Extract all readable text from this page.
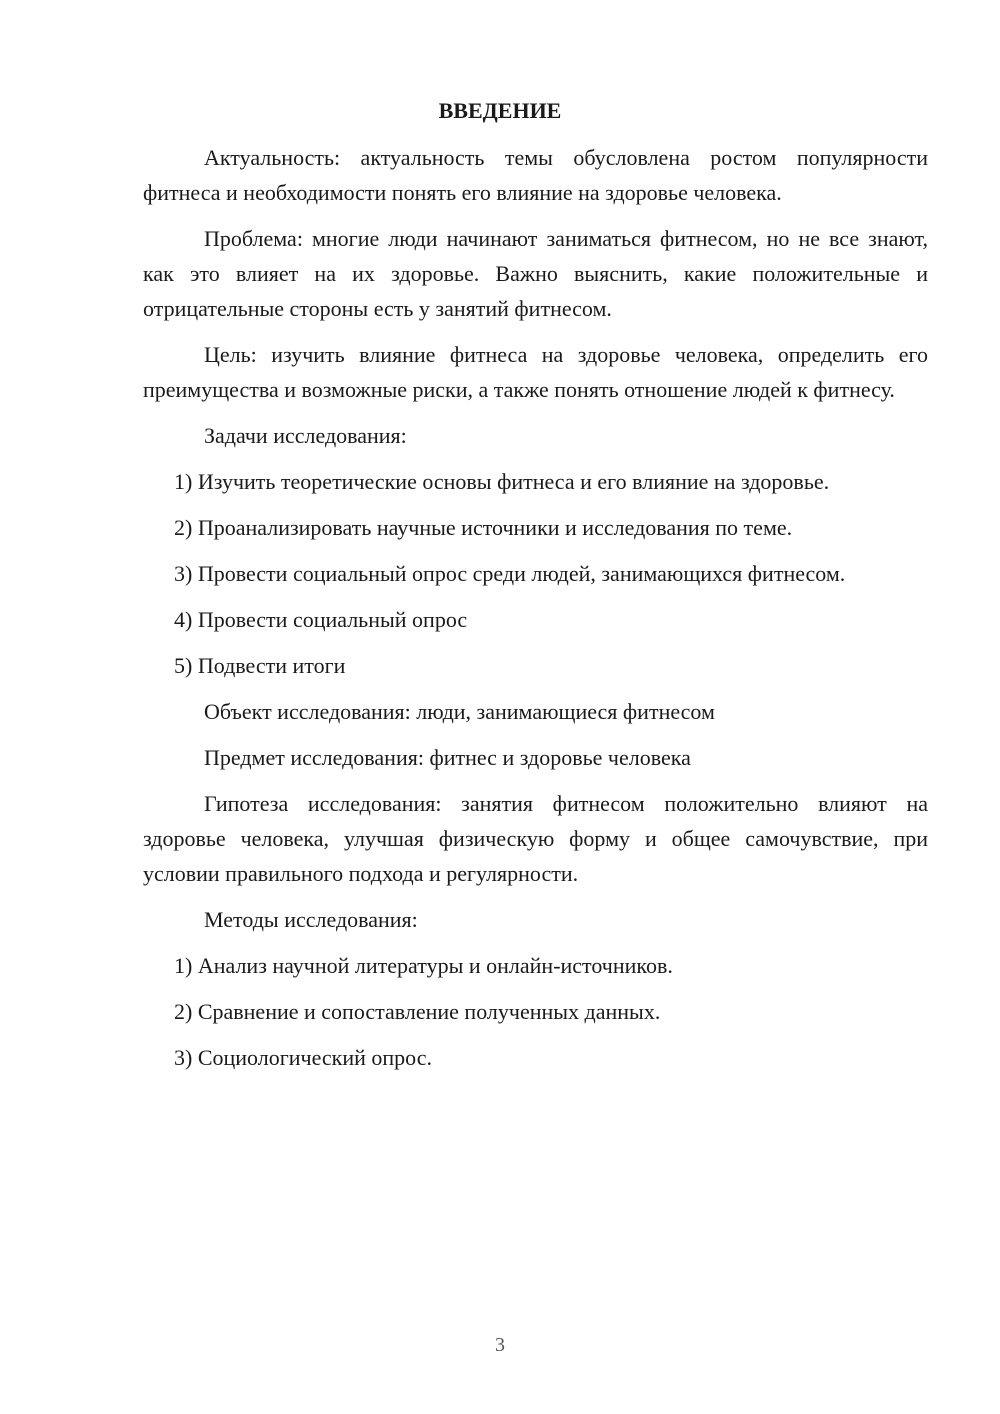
ВВЕДЕНИЕ

Актуальность: актуальность темы обусловлена ростом популярности фитнеса и необходимости понять его влияние на здоровье человека.

Проблема: многие люди начинают заниматься фитнесом, но не все знают, как это влияет на их здоровье. Важно выяснить, какие положительные и отрицательные стороны есть у занятий фитнесом.

Цель: изучить влияние фитнеса на здоровье человека, определить его преимущества и возможные риски, а также понять отношение людей к фитнесу.

Задачи исследования:

1) Изучить теоретические основы фитнеса и его влияние на здоровье.

2) Проанализировать научные источники и исследования по теме.

3) Провести социальный опрос среди людей, занимающихся фитнесом.

4) Провести социальный опрос

5) Подвести итоги

Объект исследования: люди, занимающиеся фитнесом

Предмет исследования: фитнес и здоровье человека

Гипотеза исследования: занятия фитнесом положительно влияют на здоровье человека, улучшая физическую форму и общее самочувствие, при условии правильного подхода и регулярности.

Методы исследования:

1) Анализ научной литературы и онлайн-источников.

2) Сравнение и сопоставление полученных данных.

3) Социологический опрос.

3
